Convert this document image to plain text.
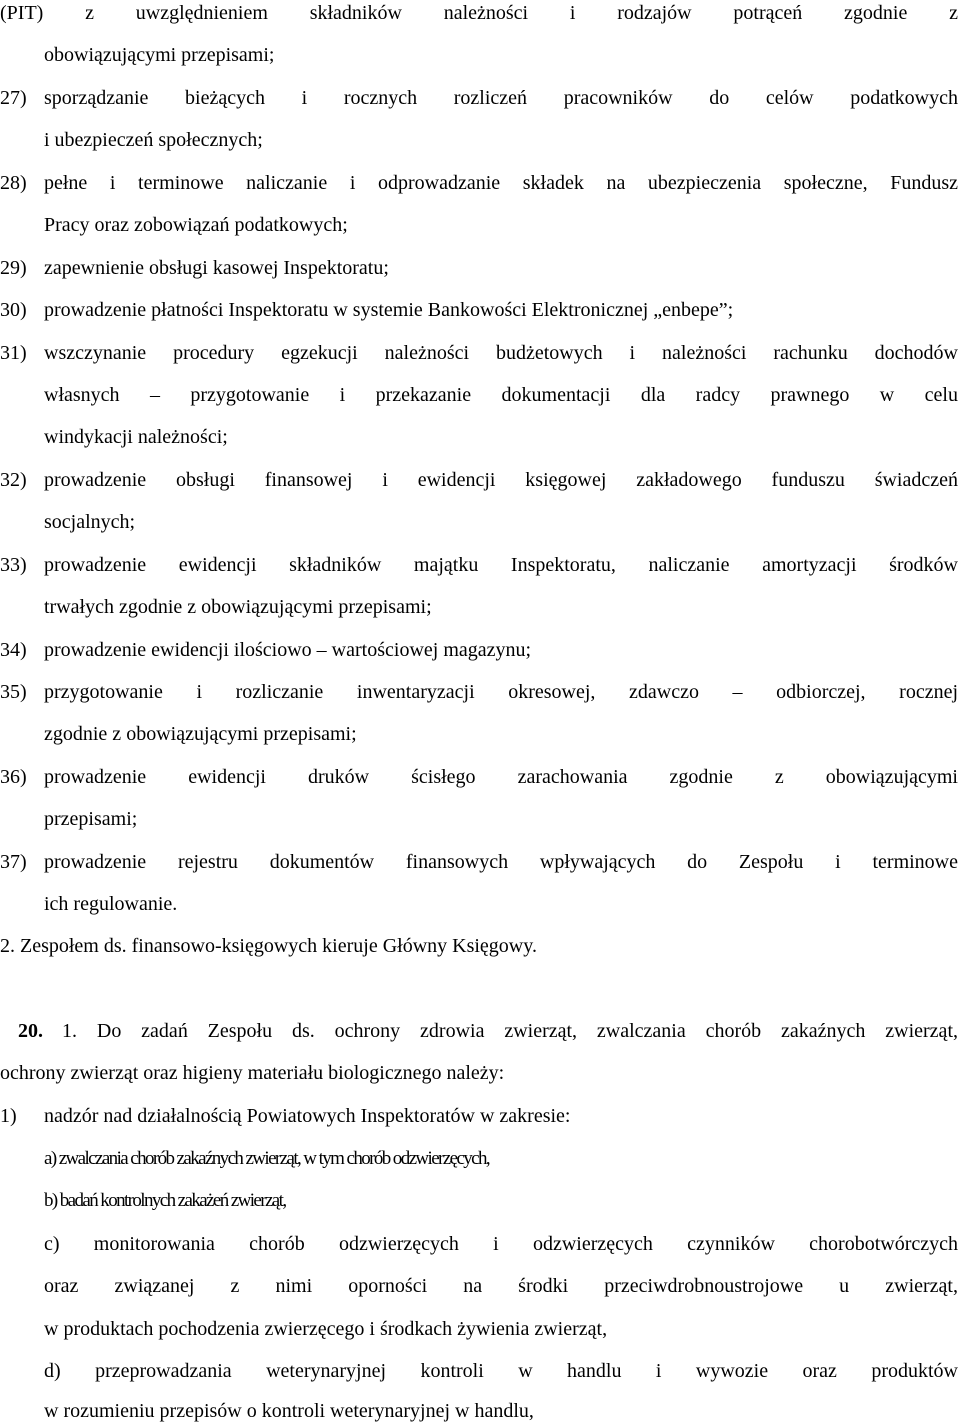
(PIT) z uwzględnieniem składników należności i rodzajów potrąceń zgodnie z
obowiązującymi przepisami;
27) sporządzanie bieżących i rocznych rozliczeń pracowników do celów podatkowych
i ubezpieczeń społecznych;
28) pełne i terminowe naliczanie i odprowadzanie składek na ubezpieczenia społeczne, Fundusz
Pracy oraz zobowiązań podatkowych;
29) zapewnienie obsługi kasowej Inspektoratu;
30) prowadzenie płatności Inspektoratu w systemie Bankowości Elektronicznej „enbepe”;
31) wszczynanie procedury egzekucji należności budżetowych i należności rachunku dochodów
własnych – przygotowanie i przekazanie dokumentacji dla radcy prawnego w celu
windykacji należności;
32) prowadzenie obsługi finansowej i ewidencji księgowej zakładowego funduszu świadczeń
socjalnych;
33) prowadzenie ewidencji składników majątku Inspektoratu, naliczanie amortyzacji środków
trwałych zgodnie z obowiązującymi przepisami;
34) prowadzenie ewidencji ilościowo – wartościowej magazynu;
35) przygotowanie i rozliczanie inwentaryzacji okresowej, zdawczo – odbiorczej, rocznej
zgodnie z obowiązującymi przepisami;
36) prowadzenie ewidencji druków ścisłego zarachowania zgodnie z obowiązującymi
przepisami;
37) prowadzenie rejestru dokumentów finansowych wpływających do Zespołu i terminowe
ich regulowanie.
2. Zespołem ds. finansowo-księgowych kieruje Główny Księgowy.
20. 1. Do zadań Zespołu ds. ochrony zdrowia zwierząt, zwalczania chorób zakaźnych zwierząt,
ochrony zwierząt oraz higieny materiału biologicznego należy:
1) nadzór nad działalnością Powiatowych Inspektoratów w zakresie:
a) zwalczania chorób zakaźnych zwierząt, w tym chorób odzwierzęcych,
b) badań kontrolnych zakażeń zwierząt,
c) monitorowania chorób odzwierzęcych i odzwierzęcych czynników chorobotwórczych
oraz związanej z nimi oporności na środki przeciwdrobnoustrojowe u zwierząt,
w produktach pochodzenia zwierzęcego i środkach żywienia zwierząt,
d) przeprowadzania weterynaryjnej kontroli w handlu i wywozie oraz produktów
w rozumieniu przepisów o kontroli weterynaryjnej w handlu,
